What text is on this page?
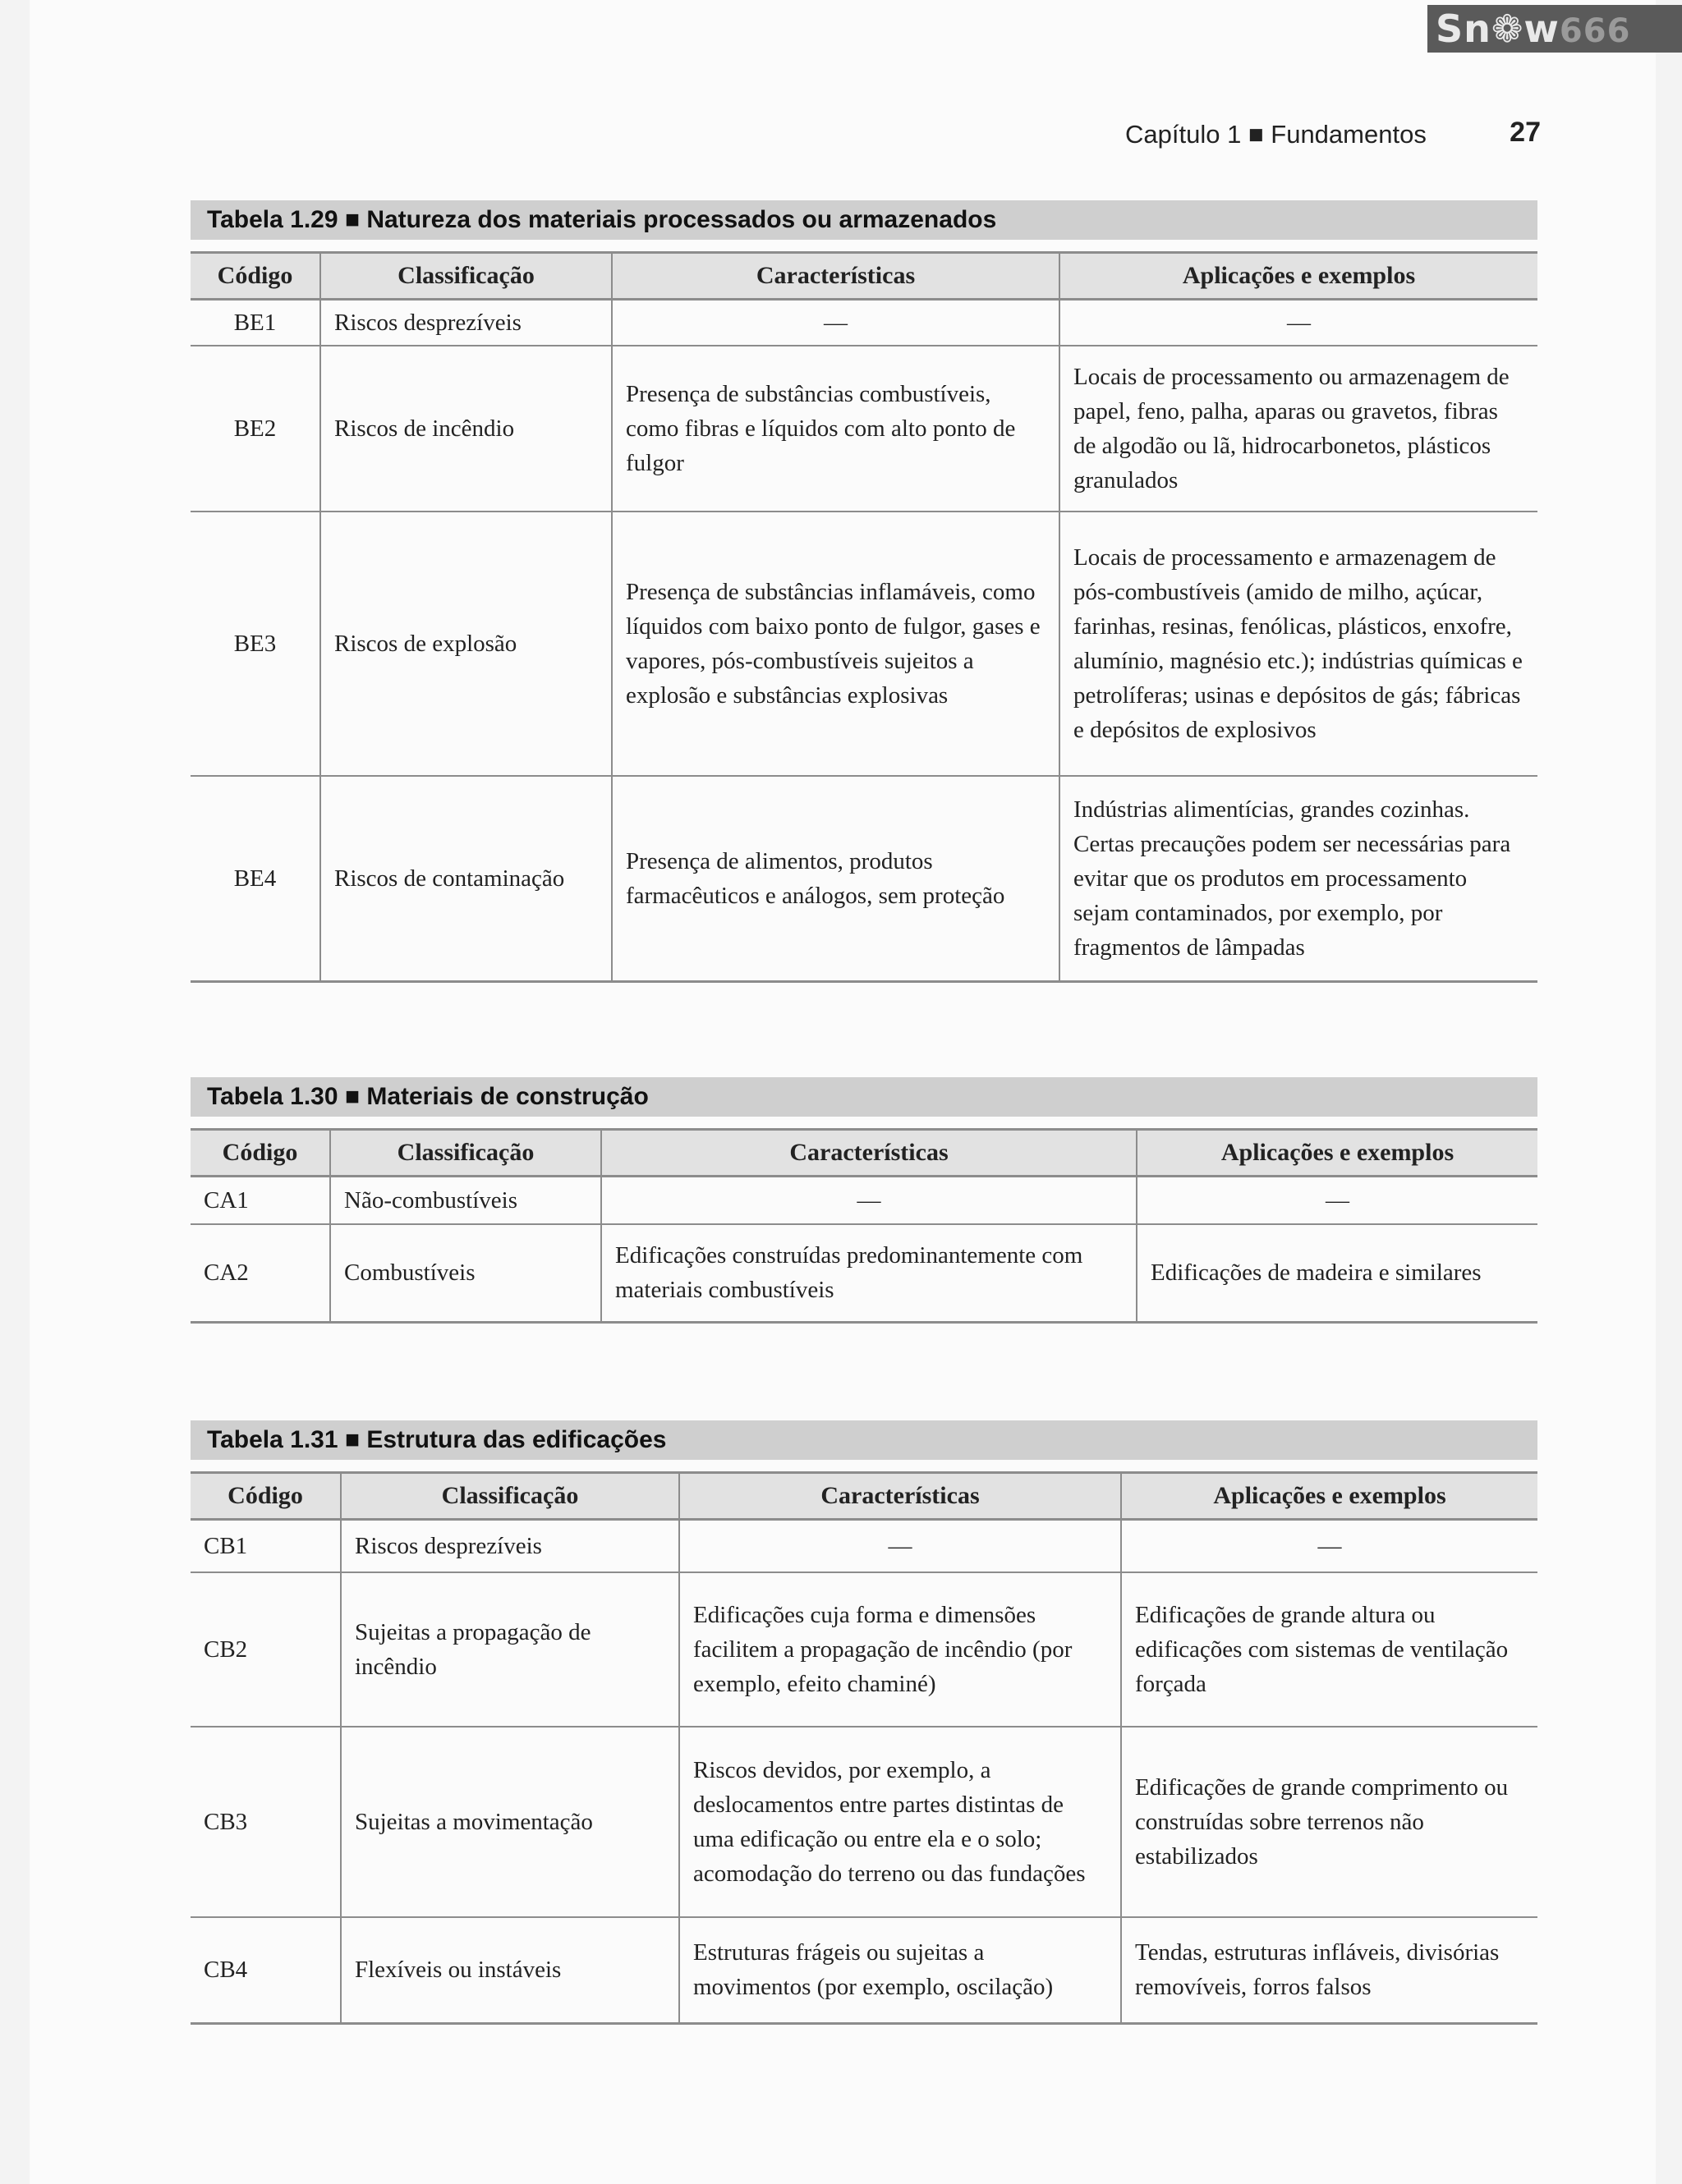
Sn❁w666
Capítulo 1 ■ Fundamentos	27
Tabela 1.29 ■ Natureza dos materiais processados ou armazenados
Código	Classificação	Características	Aplicações e exemplos
BE1	Riscos desprezíveis	—	—
BE2	Riscos de incêndio	Presença de substâncias combustíveis, como fibras e líquidos com alto ponto de fulgor	Locais de processamento ou armazenagem de papel, feno, palha, aparas ou gravetos, fibras de algodão ou lã, hidrocarbonetos, plásticos granulados
BE3	Riscos de explosão	Presença de substâncias inflamáveis, como líquidos com baixo ponto de fulgor, gases e vapores, pós-combustíveis sujeitos a explosão e substâncias explosivas	Locais de processamento e armazenagem de pós-combustíveis (amido de milho, açúcar, farinhas, resinas, fenólicas, plásticos, enxofre, alumínio, magnésio etc.); indústrias químicas e petrolíferas; usinas e depósitos de gás; fábricas e depósitos de explosivos
BE4	Riscos de contaminação	Presença de alimentos, produtos farmacêuticos e análogos, sem proteção	Indústrias alimentícias, grandes cozinhas. Certas precauções podem ser necessárias para evitar que os produtos em processamento sejam contaminados, por exemplo, por fragmentos de lâmpadas
Tabela 1.30 ■ Materiais de construção
Código	Classificação	Características	Aplicações e exemplos
CA1	Não-combustíveis	—	—
CA2	Combustíveis	Edificações construídas predominantemente com materiais combustíveis	Edificações de madeira e similares
Tabela 1.31 ■ Estrutura das edificações
Código	Classificação	Características	Aplicações e exemplos
CB1	Riscos desprezíveis	—	—
CB2	Sujeitas a propagação de incêndio	Edificações cuja forma e dimensões facilitem a propagação de incêndio (por exemplo, efeito chaminé)	Edificações de grande altura ou edificações com sistemas de ventilação forçada
CB3	Sujeitas a movimentação	Riscos devidos, por exemplo, a deslocamentos entre partes distintas de uma edificação ou entre ela e o solo; acomodação do terreno ou das fundações	Edificações de grande comprimento ou construídas sobre terrenos não estabilizados
CB4	Flexíveis ou instáveis	Estruturas frágeis ou sujeitas a movimentos (por exemplo, oscilação)	Tendas, estruturas infláveis, divisórias removíveis, forros falsos
